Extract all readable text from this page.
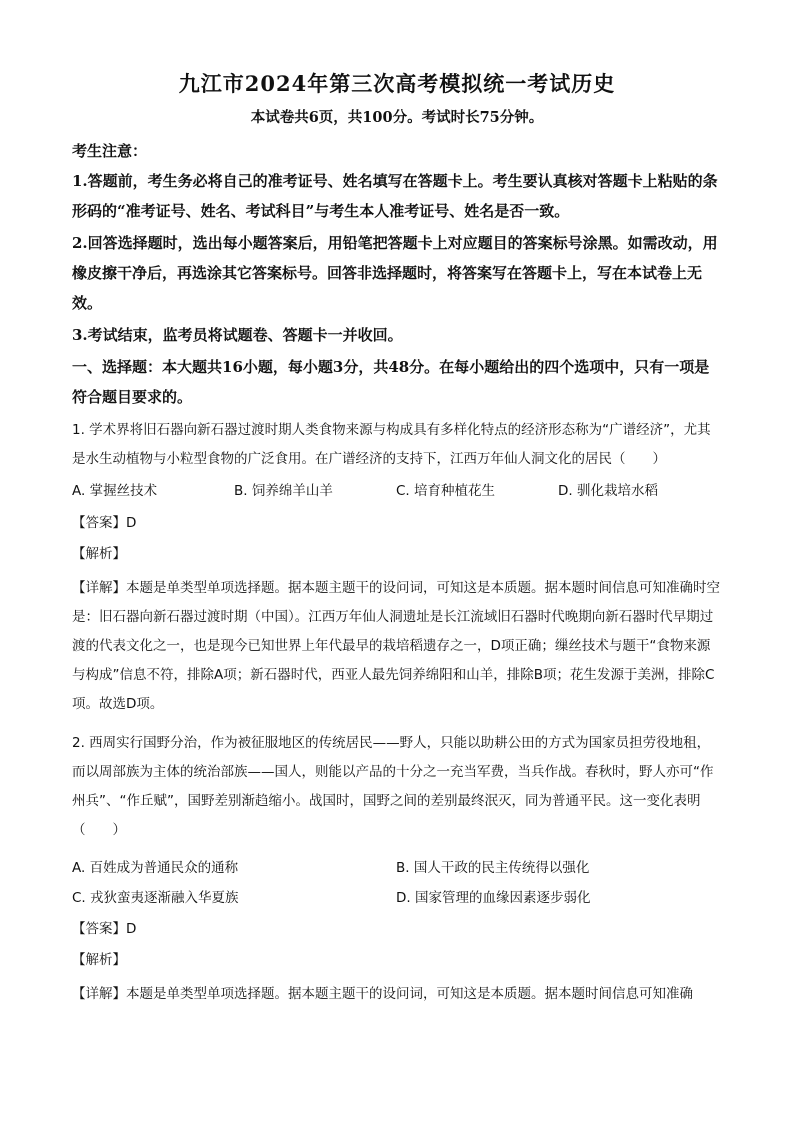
九江市2024年第三次高考模拟统一考试历史
本试卷共6页，共100分。考试时长75分钟。
考生注意：
1.答题前，考生务必将自己的准考证号、姓名填写在答题卡上。考生要认真核对答题卡上粘贴的条形码的“准考证号、姓名、考试科目”与考生本人准考证号、姓名是否一致。
2.回答选择题时，选出每小题答案后，用铅笔把答题卡上对应题目的答案标号涂黑。如需改动，用橡皮擦干净后，再选涂其它答案标号。回答非选择题时，将答案写在答题卡上，写在本试卷上无效。
3.考试结束，监考员将试题卷、答题卡一并收回。
一、选择题：本大题共16小题，每小题3分，共48分。在每小题给出的四个选项中，只有一项是符合题目要求的。
1. 学术界将旧石器向新石器过渡时期人类食物来源与构成具有多样化特点的经济形态称为“广谱经济”，尤其是水生动植物与小粒型食物的广泛食用。在广谱经济的支持下，江西万年仙人洞文化的居民（　　）
A. 掌握丝技术	B. 饲养绵羊山羊	C. 培育种植花生	D. 驯化栽培水稻
【答案】D
【解析】
【详解】本题是单类型单项选择题。据本题主题干的设问词，可知这是本质题。据本题时间信息可知准确时空是：旧石器向新石器过渡时期（中国）。江西万年仙人洞遗址是长江流域旧石器时代晚期向新石器时代早期过渡的代表文化之一，也是现今已知世界上年代最早的栽培稻遗存之一，D项正确；缫丝技术与题干“食物来源与构成”信息不符，排除A项；新石器时代，西亚人最先饲养绵阳和山羊，排除B项；花生发源于美洲，排除C项。故选D项。
2. 西周实行国野分治，作为被征服地区的传统居民——野人，只能以助耕公田的方式为国家员担劳役地租，而以周部族为主体的统治部族——国人，则能以产品的十分之一充当军费，当兵作战。春秋时，野人亦可“作州兵”、“作丘赋”，国野差别渐趋缩小。战国时，国野之间的差别最终泯灭，同为普通平民。这一变化表明（　　）
A. 百姓成为普通民众的通称	B. 国人干政的民主传统得以强化
C. 戎狄蛮夷逐渐融入华夏族	D. 国家管理的血缘因素逐步弱化
【答案】D
【解析】
【详解】本题是单类型单项选择题。据本题主题干的设问词，可知这是本质题。据本题时间信息可知准确
